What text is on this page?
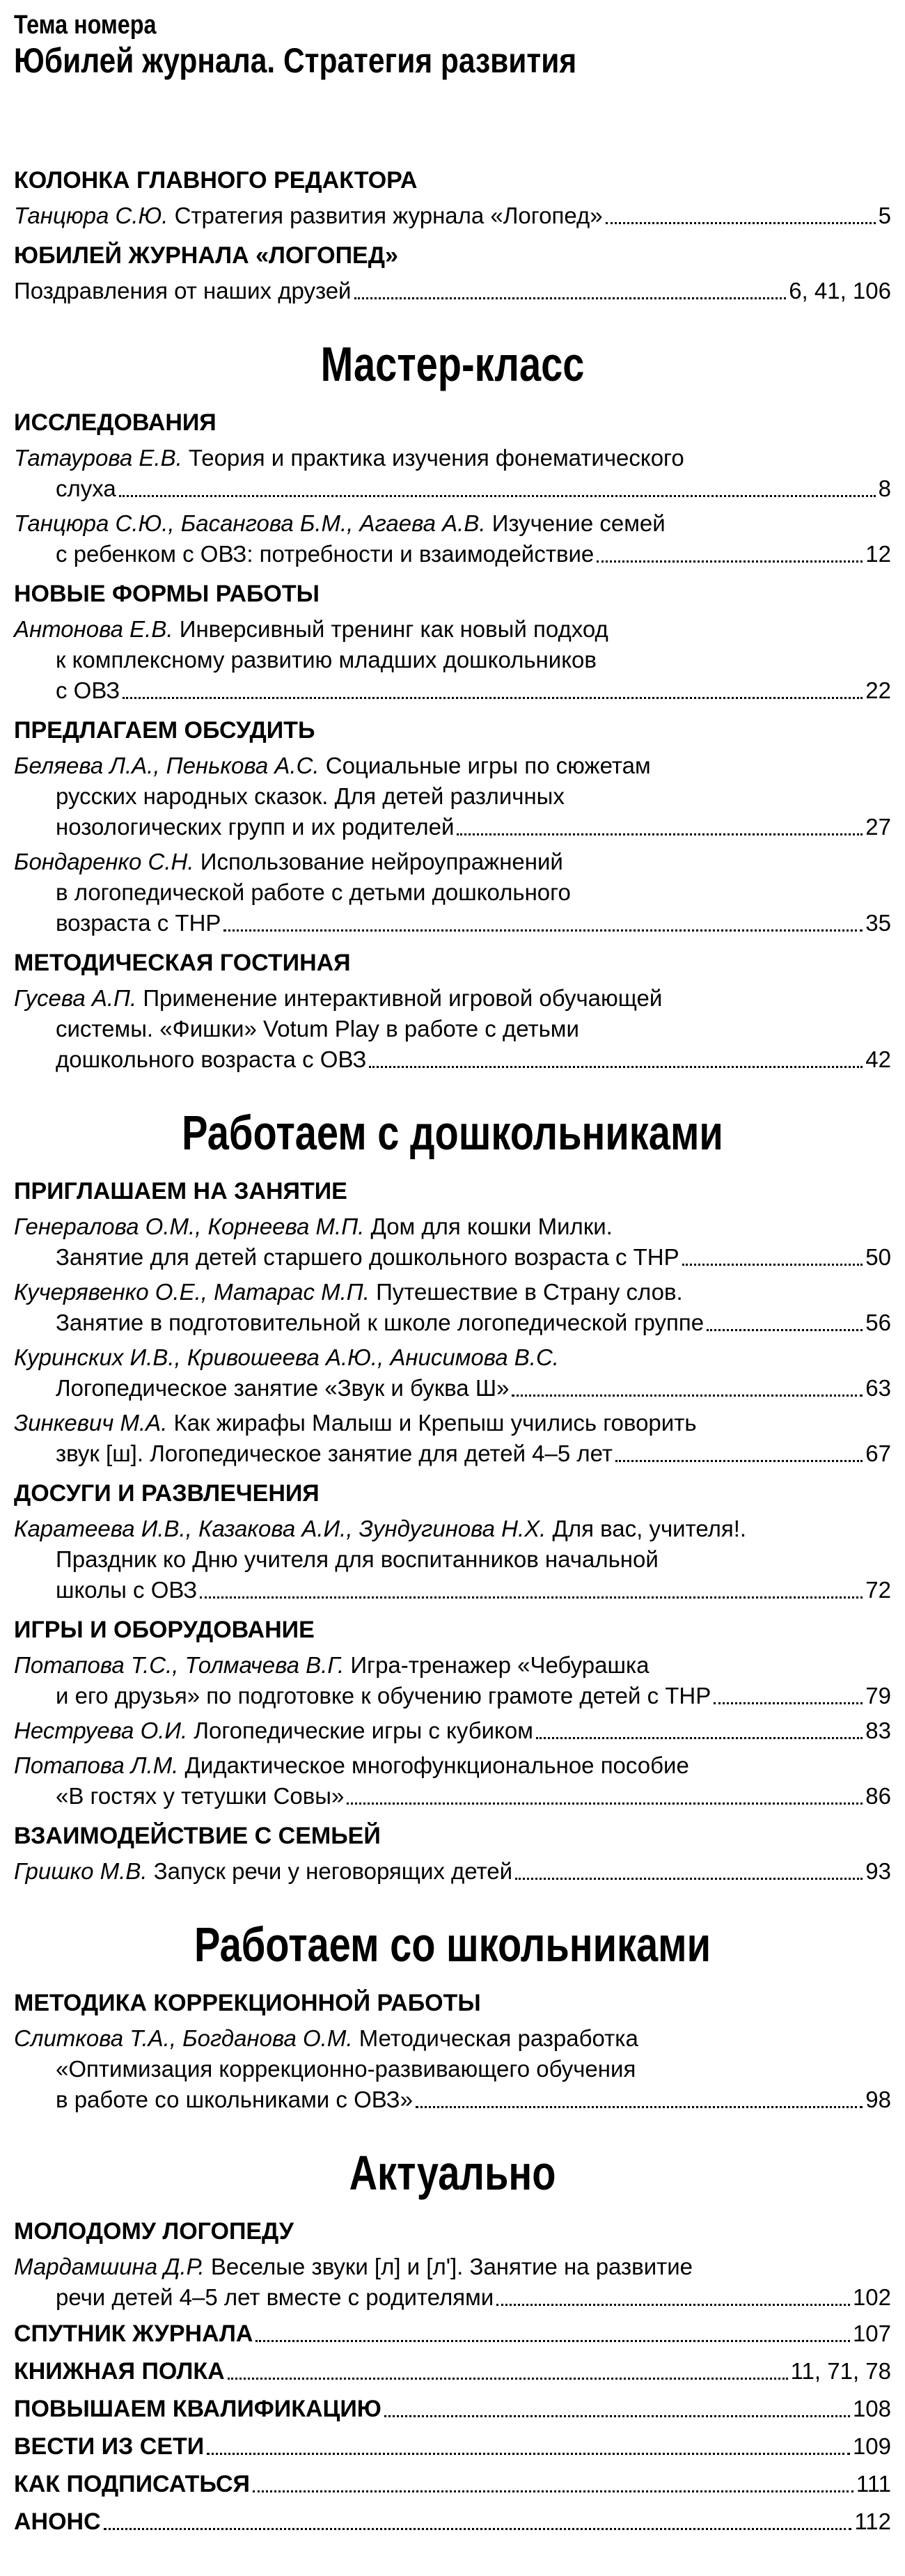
Тема номера
Юбилей журнала. Стратегия развития
КОЛОНКА ГЛАВНОГО РЕДАКТОРА
Танцюра С.Ю.
Стратегия развития журнала «Логопед»	5
ЮБИЛЕЙ ЖУРНАЛА «ЛОГОПЕД»
Поздравления от наших друзей	6, 41, 106
Мастер-класс
ИССЛЕДОВАНИЯ
Татаурова Е.В.
Теория и практика изучения фонематического
слуха	8
Танцюра С.Ю., Басангова Б.М., Агаева А.В.
Изучение семей
с ребенком с ОВЗ: потребности и взаимодействие	12
НОВЫЕ ФОРМЫ РАБОТЫ
Антонова Е.В.
Инверсивный тренинг как новый подход
к комплексному развитию младших дошкольников
с ОВЗ	22
ПРЕДЛАГАЕМ ОБСУДИТЬ
Беляева Л.А., Пенькова А.С.
Социальные игры по сюжетам
русских народных сказок. Для детей различных
нозологических групп и их родителей	27
Бондаренко С.Н.
Использование нейроупражнений
в логопедической работе с детьми дошкольного
возраста с ТНР	35
МЕТОДИЧЕСКАЯ ГОСТИНАЯ
Гусева А.П.
Применение интерактивной игровой обучающей
системы. «Фишки» Votum Play в работе с детьми
дошкольного возраста с ОВЗ	42
Работаем с дошкольниками
ПРИГЛАШАЕМ НА ЗАНЯТИЕ
Генералова О.М., Корнеева М.П.
Дом для кошки Милки.
Занятие для детей старшего дошкольного возраста с ТНР	50
Кучерявенко О.Е., Матарас М.П.
Путешествие в Страну слов.
Занятие в подготовительной к школе логопедической группе	56
Куринских И.В., Кривошеева А.Ю., Анисимова В.С.

Логопедическое занятие «Звук и буква Ш»	63
Зинкевич М.А.
Как жирафы Малыш и Крепыш учились говорить
звук [ш]. Логопедическое занятие для детей 4–5 лет	67
ДОСУГИ И РАЗВЛЕЧЕНИЯ
Каратеева И.В., Казакова А.И., Зундугинова Н.Х.
Для вас, учителя!.
Праздник ко Дню учителя для воспитанников начальной
школы с ОВЗ	72
ИГРЫ И ОБОРУДОВАНИЕ
Потапова Т.С., Толмачева В.Г.
Игра-тренажер «Чебурашка
и его друзья» по подготовке к обучению грамоте детей с ТНР	79
Неструева О.И.
Логопедические игры с кубиком	83
Потапова Л.М.
Дидактическое многофункциональное пособие
«В гостях у тетушки Совы»	86
ВЗАИМОДЕЙСТВИЕ С СЕМЬЕЙ
Гришко М.В.
Запуск речи у неговорящих детей	93
Работаем со школьниками
МЕТОДИКА КОРРЕКЦИОННОЙ РАБОТЫ
Слиткова Т.А., Богданова О.М.
Методическая разработка
«Оптимизация коррекционно-развивающего обучения
в работе со школьниками с ОВЗ»	98
Актуально
МОЛОДОМУ ЛОГОПЕДУ
Мардамшина Д.Р.
Веселые звуки [л] и [л']. Занятие на развитие
речи детей 4–5 лет вместе с родителями	102
СПУТНИК ЖУРНАЛА	107
КНИЖНАЯ ПОЛКА	11, 71, 78
ПОВЫШАЕМ КВАЛИФИКАЦИЮ	108
ВЕСТИ ИЗ СЕТИ	109
КАК ПОДПИСАТЬСЯ	111
АНОНС	112
